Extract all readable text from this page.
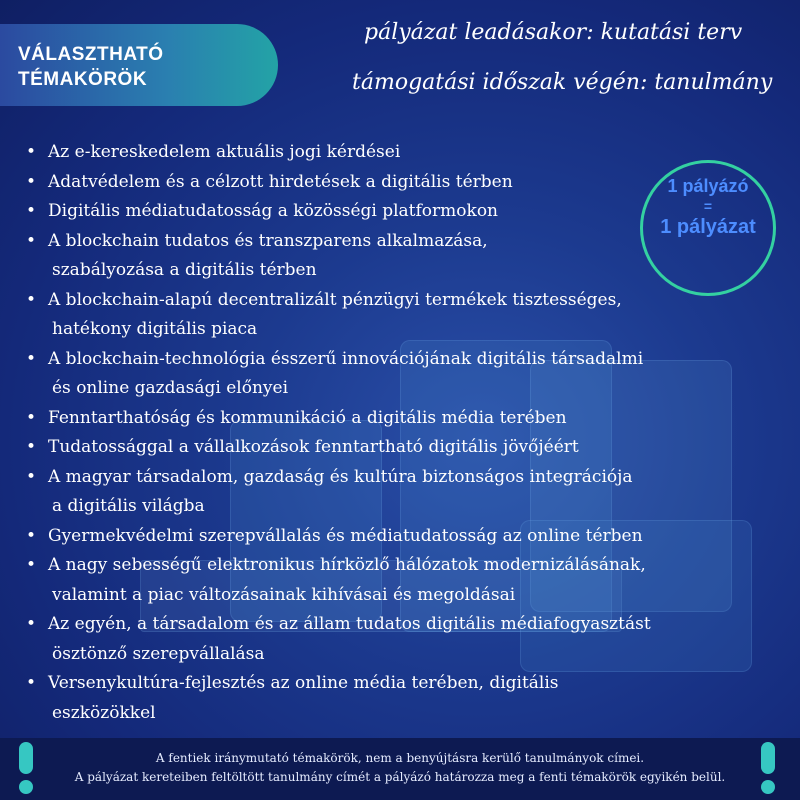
VÁLASZTHATÓ
TÉMAKÖRÖK
pályázat leadásakor: kutatási terv
támogatási időszak végén: tanulmány
1 pályázó
=
1 pályázat
• Az e-kereskedelem aktuális jogi kérdései
• Adatvédelem és a célzott hirdetések a digitális térben
• Digitális médiatudatosság a közösségi platformokon
• A blockchain tudatos és transzparens alkalmazása,
szabályozása a digitális térben
• A blockchain-alapú decentralizált pénzügyi termékek tisztességes,
hatékony digitális piaca
• A blockchain-technológia ésszerű innovációjának digitális társadalmi
és online gazdasági előnyei
• Fenntarthatóság és kommunikáció a digitális média terében
• Tudatossággal a vállalkozások fenntartható digitális jövőjéért
• A magyar társadalom, gazdaság és kultúra biztonságos integrációja
a digitális világba
• Gyermekvédelmi szerepvállalás és médiatudatosság az online térben
• A nagy sebességű elektronikus hírközlő hálózatok modernizálásának,
valamint a piac változásainak kihívásai és megoldásai
• Az egyén, a társadalom és az állam tudatos digitális médiafogyasztást
ösztönző szerepvállalása
• Versenykultúra-fejlesztés az online média terében, digitális
eszközökkel
A fentiek iránymutató témakörök, nem a benyújtásra kerülő tanulmányok címei.
A pályázat kereteiben feltöltött tanulmány címét a pályázó határozza meg a fenti témakörök egyikén belül.
